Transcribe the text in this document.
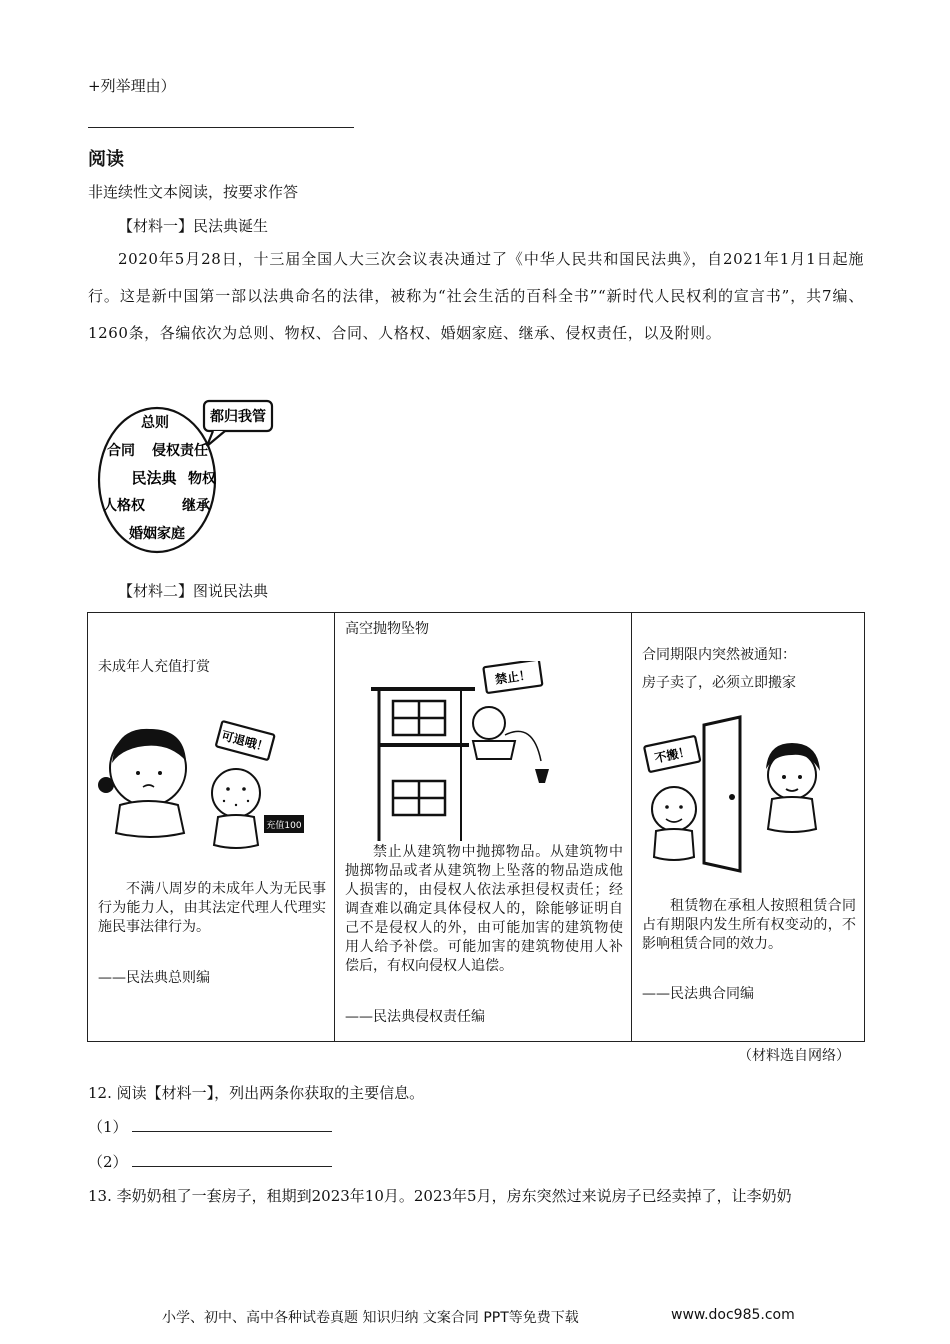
+列举理由）
阅读
非连续性文本阅读，按要求作答
【材料一】民法典诞生
2020年5月28日，十三届全国人大三次会议表决通过了《中华人民共和国民法典》，自2021年1月1日起施行。这是新中国第一部以法典命名的法律，被称为“社会生活的百科全书”“新时代人民权利的宣言书”，共7编、1260条，各编依次为总则、物权、合同、人格权、婚姻家庭、继承、侵权责任，以及附则。
都归我管
总则
合同 侵权责任
民法典 物权
人格权	继承
婚姻家庭
【材料二】图说民法典
未成年人充值打赏
可退哦！
充值100
不满八周岁的未成年人为无民事行为能力人，由其法定代理人代理实施民事法律行为。
——民法典总则编

高空抛物坠物
禁止！
禁止从建筑物中抛掷物品。从建筑物中抛掷物品或者从建筑物上坠落的物品造成他人损害的，由侵权人依法承担侵权责任；经调查难以确定具体侵权人的，除能够证明自己不是侵权人的外，由可能加害的建筑物使用人给予补偿。可能加害的建筑物使用人补偿后，有权向侵权人追偿。
——民法典侵权责任编

合同期限内突然被通知：
房子卖了，必须立即搬家
不搬！
租赁物在承租人按照租赁合同占有期限内发生所有权变动的，不影响租赁合同的效力。
——民法典合同编
（材料选自网络）
12. 阅读【材料一】，列出两条你获取的主要信息。
（1）
（2）
13. 李奶奶租了一套房子，租期到2023年10月。2023年5月，房东突然过来说房子已经卖掉了，让李奶奶
小学、初中、高中各种试卷真题 知识归纳 文案合同 PPT等免费下载	www.doc985.com
